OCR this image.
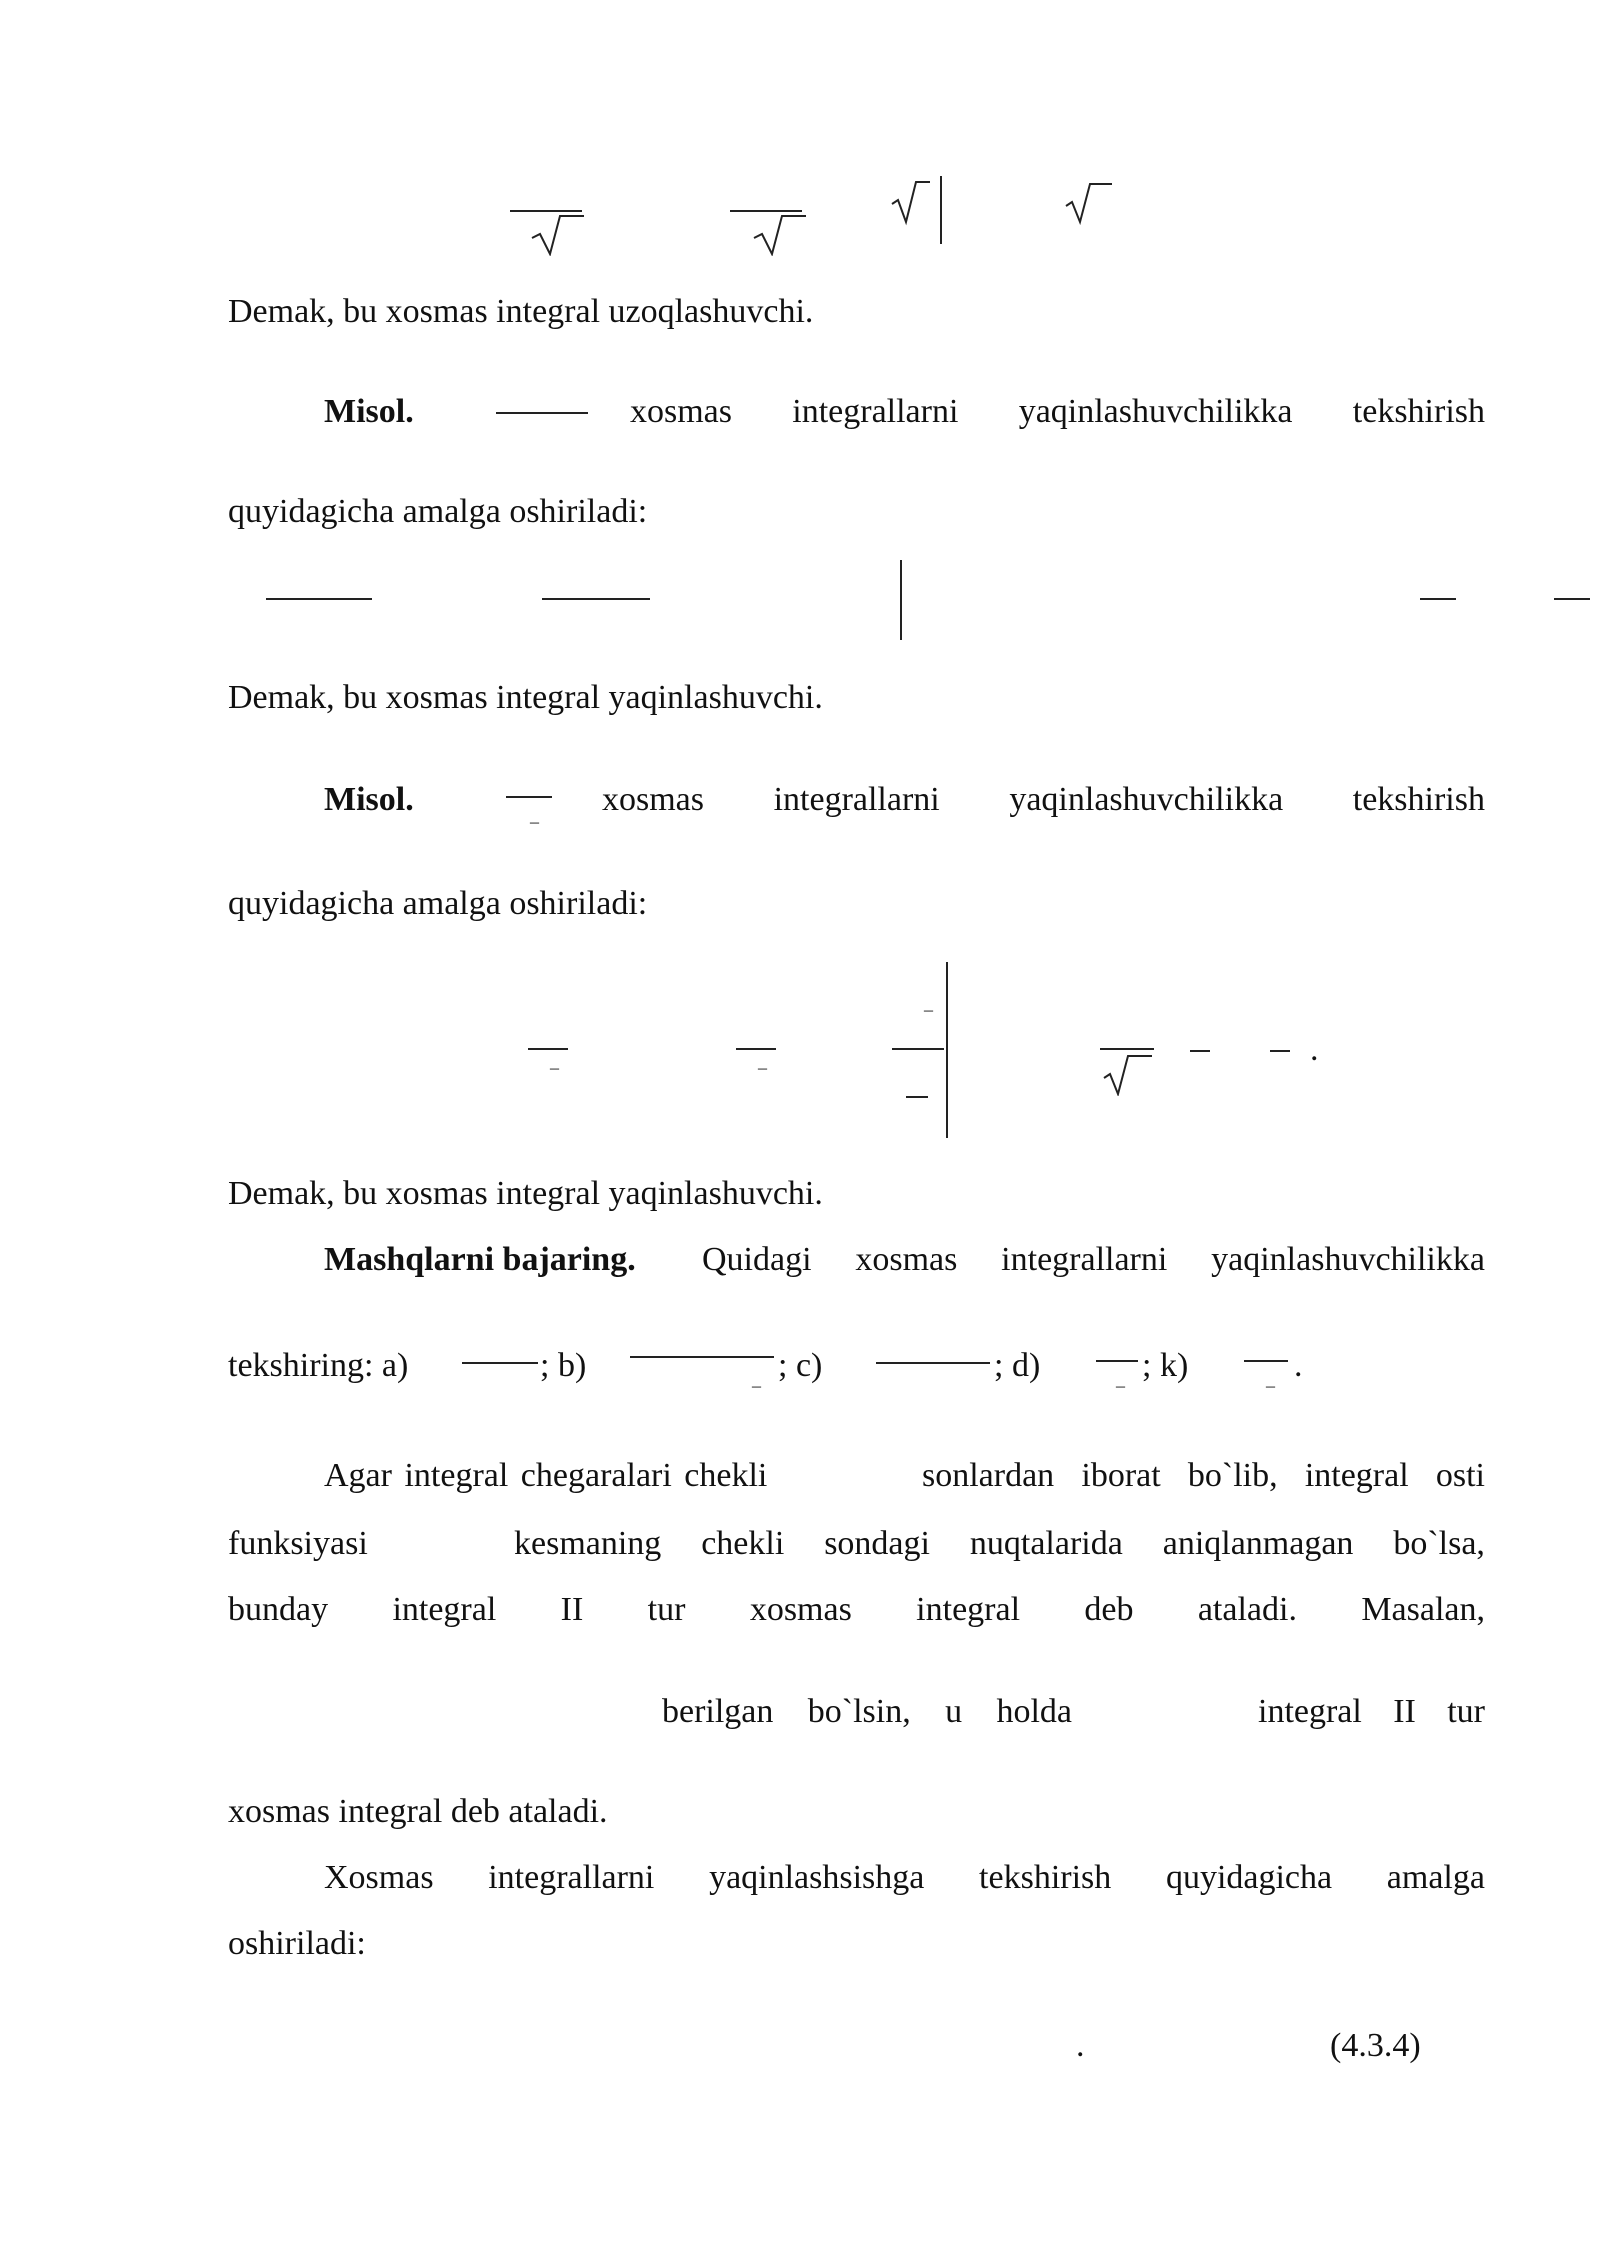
Demak, bu xosmas integral uzoqlashuvchi.
Misol.	xosmas integrallarni yaqinlashuvchilikka tekshirish
quyidagicha amalga oshiriladi:
Demak, bu xosmas integral yaqinlashuvchi.
Misol.	_ xosmas integrallarni yaqinlashuvchilikka tekshirish
quyidagicha amalga oshiriladi:
_	_
_
.
Demak, bu xosmas integral yaqinlashuvchi.
Mashqlarni bajaring. Quidagi xosmas integrallarni yaqinlashuvchilikka
tekshiring: a)	; b)	_ ; c)	; d)	_ ; k)	_ .
Agar integral chegaralari chekli	sonlardan iborat bo`lib, integral osti
funksiyasi	kesmaning chekli sondagi nuqtalarida aniqlanmagan bo`lsa,
bunday integral II tur xosmas integral deb ataladi. Masalan,
berilgan bo`lsin, u holda	integral II tur
xosmas integral deb ataladi.
Xosmas integrallarni yaqinlashsishga tekshirish quyidagicha amalga
oshiriladi:
.	(4.3.4)
